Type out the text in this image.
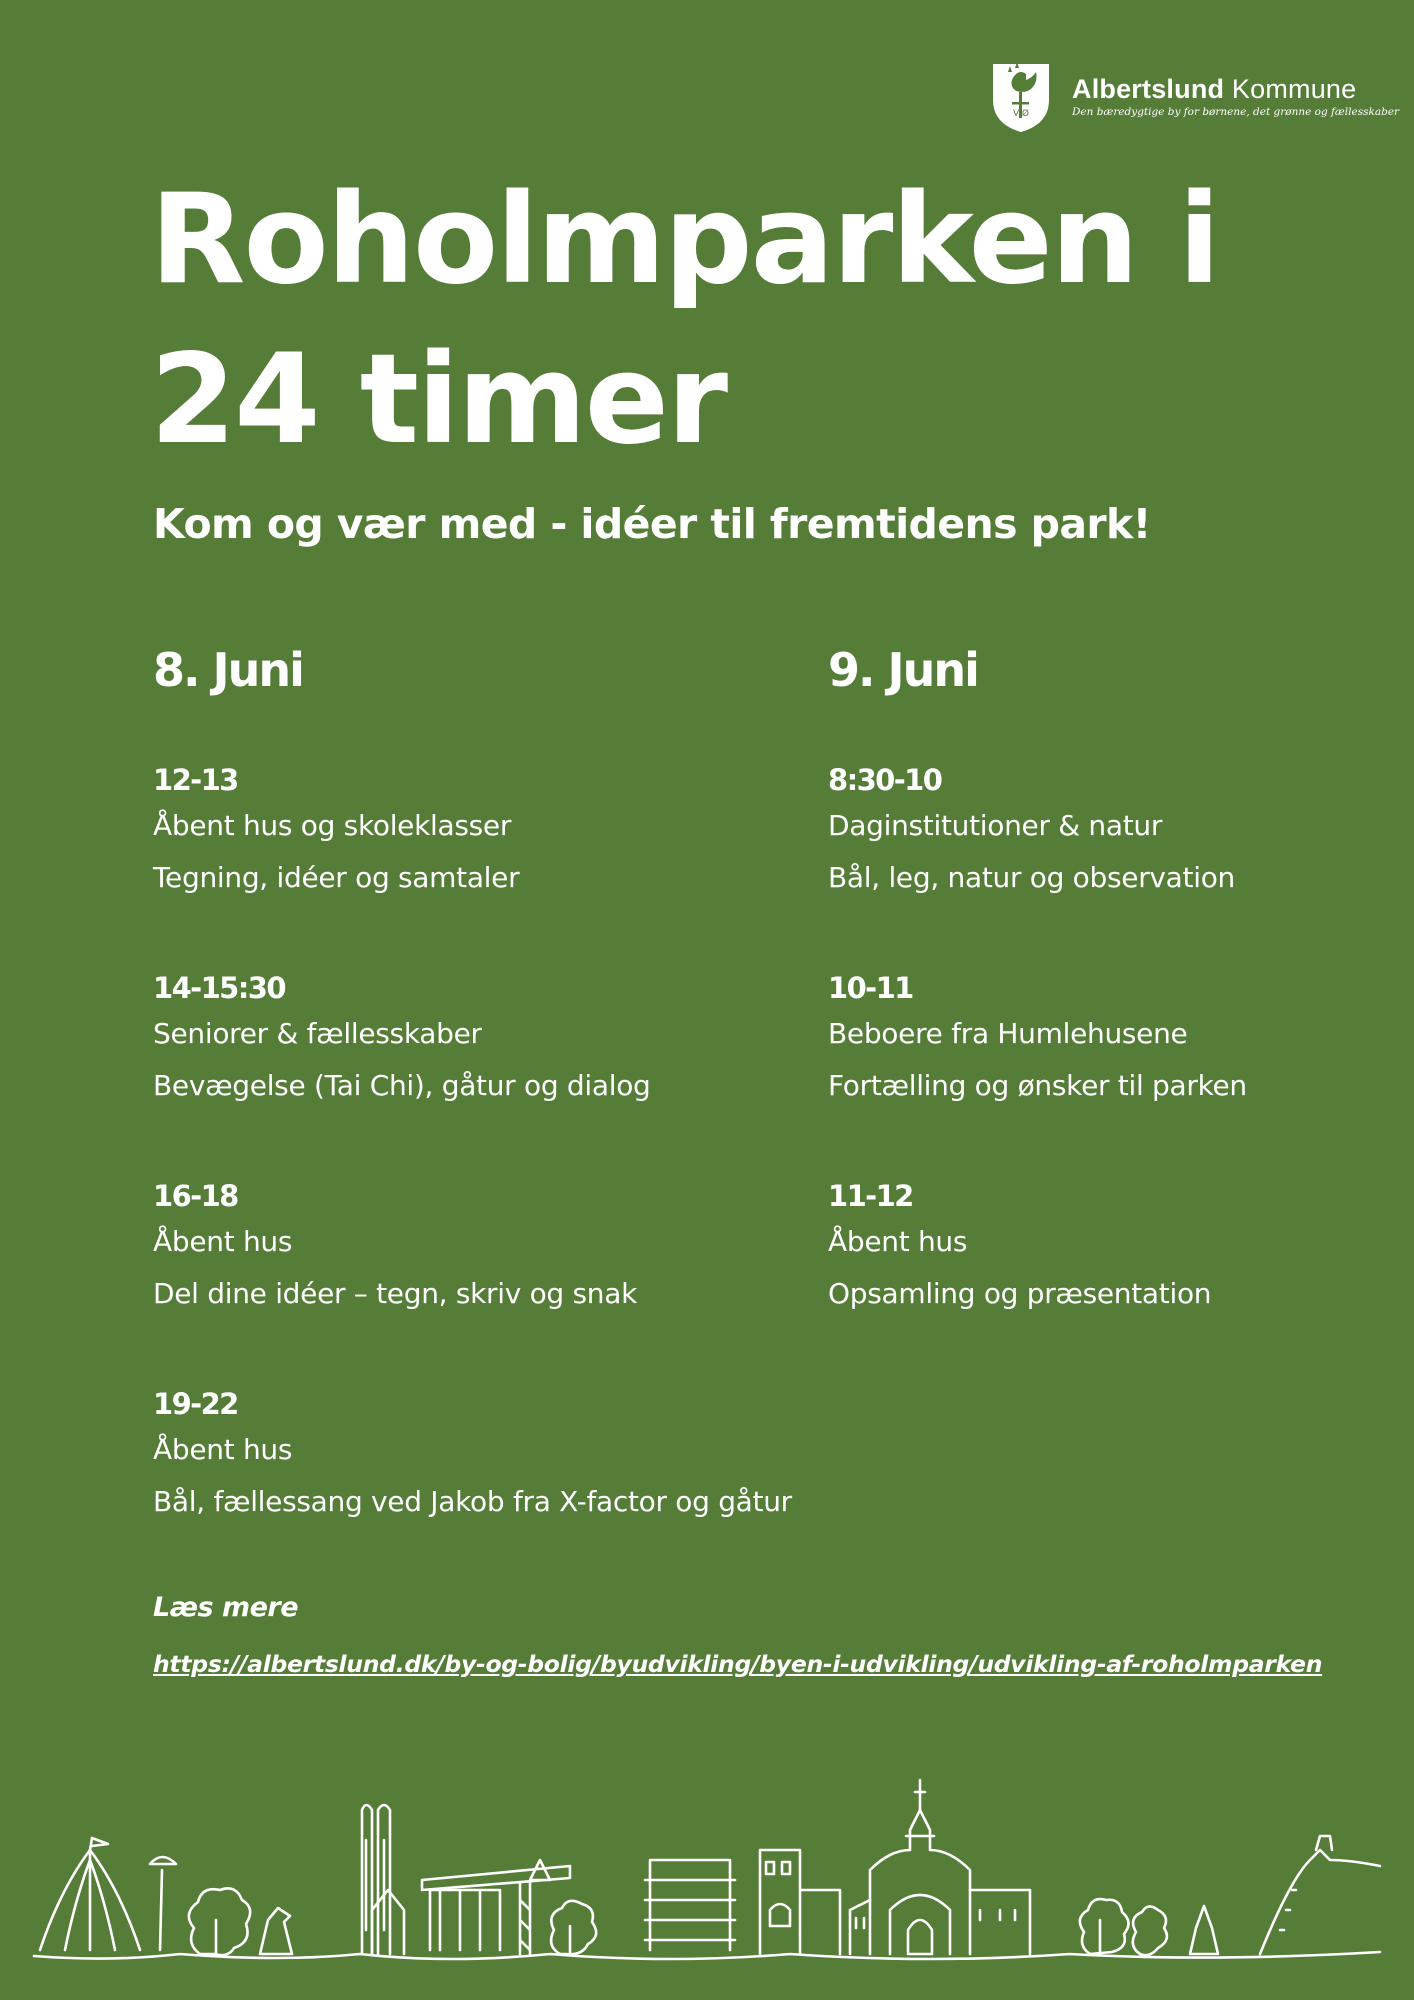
V-Ø
Albertslund Kommune
Den bæredygtige by for børnene, det grønne og fællesskaber
Roholmparken i 24 timer
Kom og vær med - idéer til fremtidens park!
8. Juni
12-13
Åbent hus og skoleklasser
Tegning, idéer og samtaler
14-15:30
Seniorer & fællesskaber
Bevægelse (Tai Chi), gåtur og dialog
16-18
Åbent hus
Del dine idéer – tegn, skriv og snak
19-22
Åbent hus
Bål, fællessang ved Jakob fra X-factor og gåtur
9. Juni
8:30-10
Daginstitutioner & natur
Bål, leg, natur og observation
10-11
Beboere fra Humlehusene
Fortælling og ønsker til parken
11-12
Åbent hus
Opsamling og præsentation
Læs mere
https://albertslund.dk/by-og-bolig/byudvikling/byen-i-udvikling/udvikling-af-roholmparken
